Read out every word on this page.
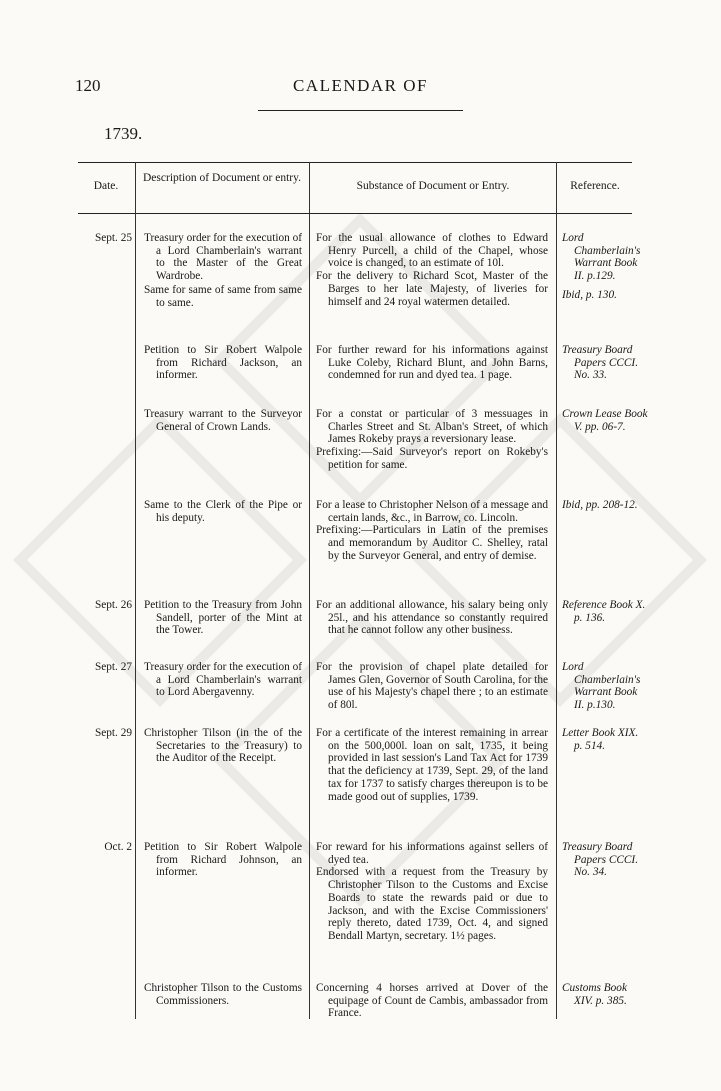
120	CALENDAR OF
1739.
Date.
Description of Document or entry.
Substance of Document or Entry.	Reference.
Sept. 25 Treasury order for the execution of a Lord Chamberlain's warrant to the Master of the Great Wardrobe.
Same for same of same from same to same.
For the usual allowance of clothes to Edward Henry Purcell, a child of the Chapel, whose voice is changed, to an estimate of 10l.
For the delivery to Richard Scot, Master of the Barges to her late Majesty, of liveries for himself and 24 royal watermen detailed.
Lord Chamberlain's Warrant Book II. p.129.
Ibid, p. 130.
Petition to Sir Robert Walpole from Richard Jackson, an informer.
For further reward for his informations against Luke Coleby, Richard Blunt, and John Barns, condemned for run and dyed tea. 1 page.
Treasury Board Papers CCCI. No. 33.
Treasury warrant to the Surveyor General of Crown Lands.
For a constat or particular of 3 messuages in Charles Street and St. Alban's Street, of which James Rokeby prays a reversionary lease.
Prefixing:—Said Surveyor's report on Rokeby's petition for same.
Crown Lease Book V. pp. 06-7.
Same to the Clerk of the Pipe or his deputy.
For a lease to Christopher Nelson of a message and certain lands, &c., in Barrow, co. Lincoln.
Prefixing:—Particulars in Latin of the premises and memorandum by Auditor C. Shelley, ratal by the Surveyor General, and entry of demise.
Ibid, pp. 208-12.
Sept. 26 Petition to the Treasury from John Sandell, porter of the Mint at the Tower.
For an additional allowance, his salary being only 25l., and his attendance so constantly required that he cannot follow any other business.
Reference Book X. p. 136.
Sept. 27 Treasury order for the execution of a Lord Chamberlain's warrant to Lord Abergavenny.
For the provision of chapel plate detailed for James Glen, Governor of South Carolina, for the use of his Majesty's chapel there ; to an estimate of 80l.
Lord Chamberlain's Warrant Book II. p.130.
Sept. 29 Christopher Tilson (in the of the Secretaries to the Treasury) to the Auditor of the Receipt.
For a certificate of the interest remaining in arrear on the 500,000l. loan on salt, 1735, it being provided in last session's Land Tax Act for 1739 that the deficiency at 1739, Sept. 29, of the land tax for 1737 to satisfy charges thereupon is to be made good out of supplies, 1739.
Letter Book XIX. p. 514.
Oct. 2 Petition to Sir Robert Walpole from Richard Johnson, an informer.
For reward for his informations against sellers of dyed tea.
Endorsed with a request from the Treasury by Christopher Tilson to the Customs and Excise Boards to state the rewards paid or due to Jackson, and with the Excise Commissioners' reply thereto, dated 1739, Oct. 4, and signed Bendall Martyn, secretary. 1½ pages.
Treasury Board Papers CCCI. No. 34.
Christopher Tilson to the Customs Commissioners.
Concerning 4 horses arrived at Dover of the equipage of Count de Cambis, ambassador from France.
Customs Book XIV. p. 385.
